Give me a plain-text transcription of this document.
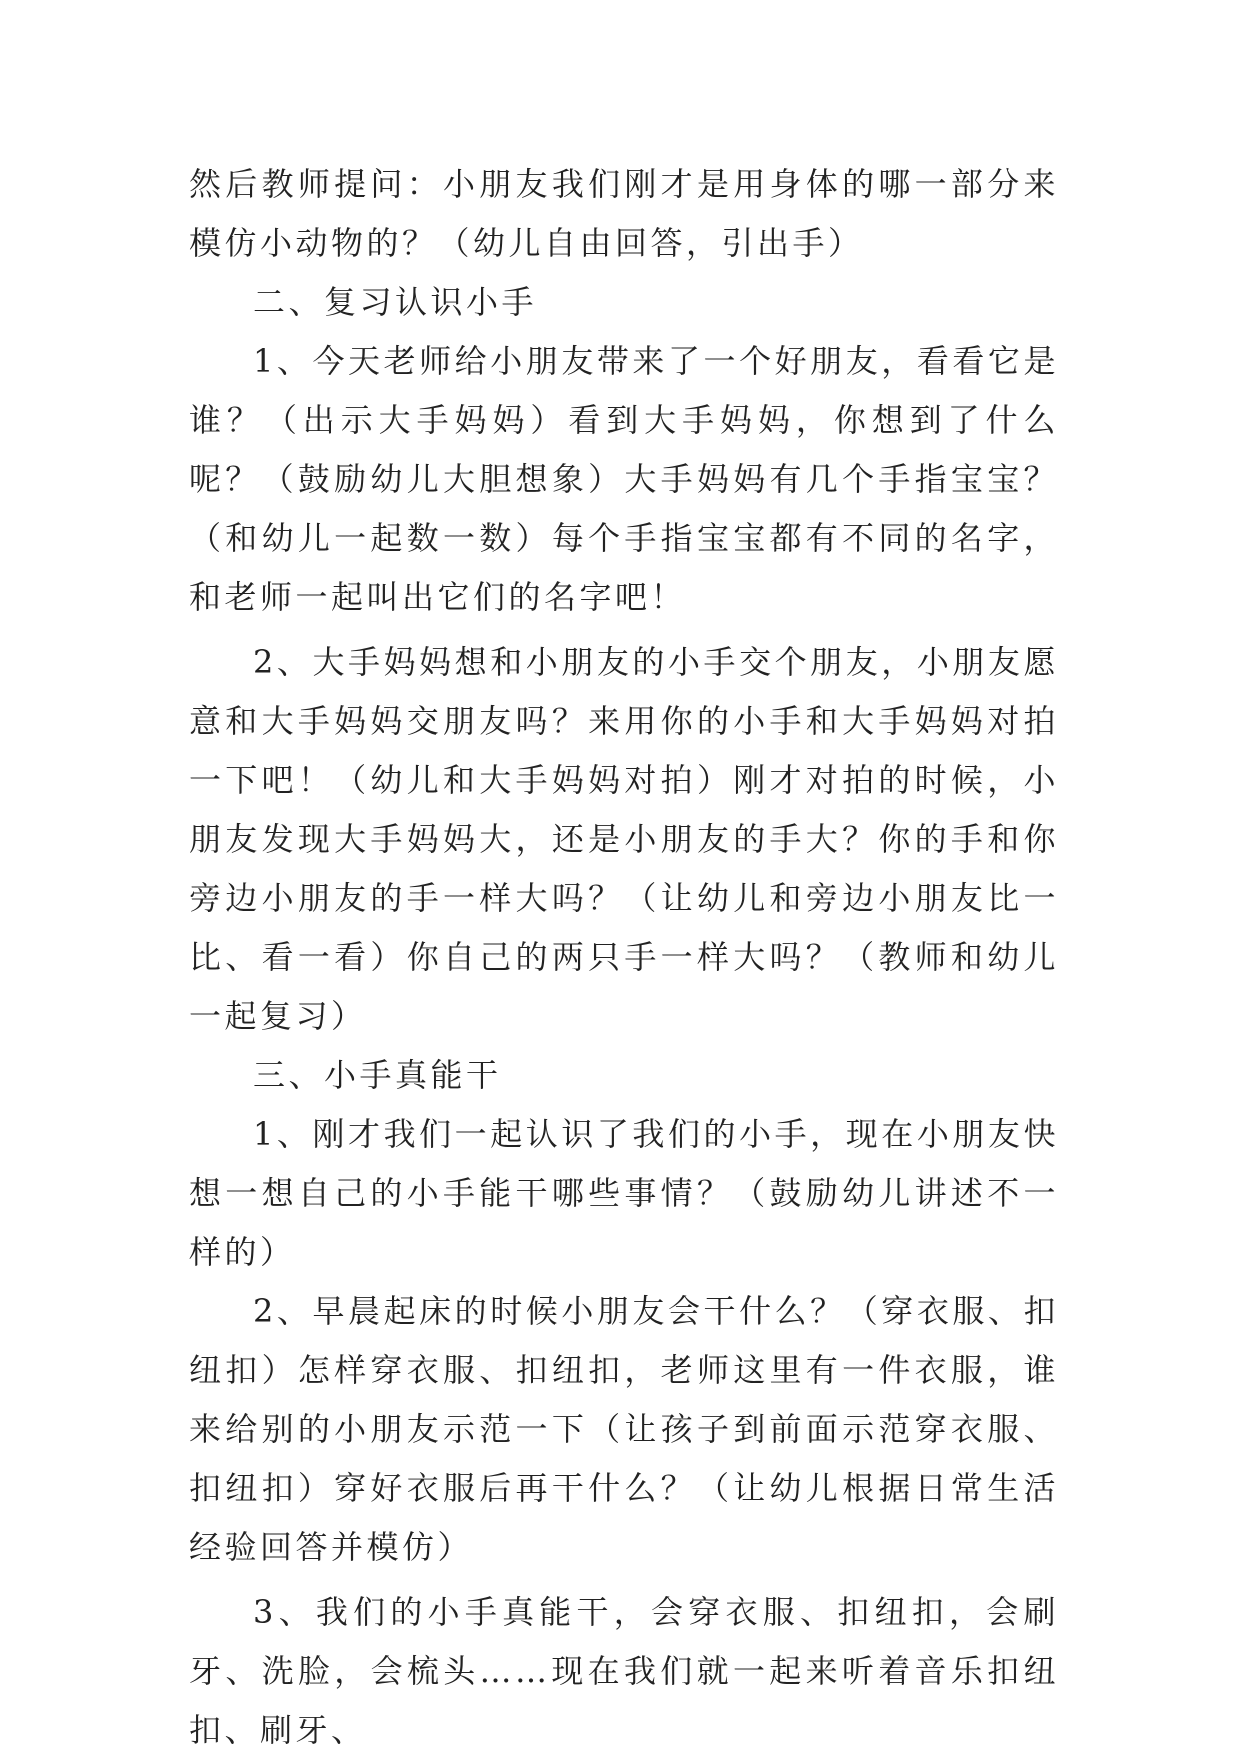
然后教师提问：小朋友我们刚才是用身体的哪一部分来模仿小动物的？（幼儿自由回答，引出手）

二、复习认识小手

1、今天老师给小朋友带来了一个好朋友，看看它是谁？（出示大手妈妈）看到大手妈妈，你想到了什么呢？（鼓励幼儿大胆想象）大手妈妈有几个手指宝宝？（和幼儿一起数一数）每个手指宝宝都有不同的名字，和老师一起叫出它们的名字吧！

2、大手妈妈想和小朋友的小手交个朋友，小朋友愿意和大手妈妈交朋友吗？来用你的小手和大手妈妈对拍一下吧！（幼儿和大手妈妈对拍）刚才对拍的时候，小朋友发现大手妈妈大，还是小朋友的手大？你的手和你旁边小朋友的手一样大吗？（让幼儿和旁边小朋友比一比、看一看）你自己的两只手一样大吗？（教师和幼儿一起复习）

三、小手真能干

1、刚才我们一起认识了我们的小手，现在小朋友快想一想自己的小手能干哪些事情？（鼓励幼儿讲述不一样的）

2、早晨起床的时候小朋友会干什么？（穿衣服、扣纽扣）怎样穿衣服、扣纽扣，老师这里有一件衣服，谁来给别的小朋友示范一下（让孩子到前面示范穿衣服、扣纽扣）穿好衣服后再干什么？（让幼儿根据日常生活经验回答并模仿）

3、我们的小手真能干，会穿衣服、扣纽扣，会刷牙、洗脸，会梳头……现在我们就一起来听着音乐扣纽扣、刷牙、
